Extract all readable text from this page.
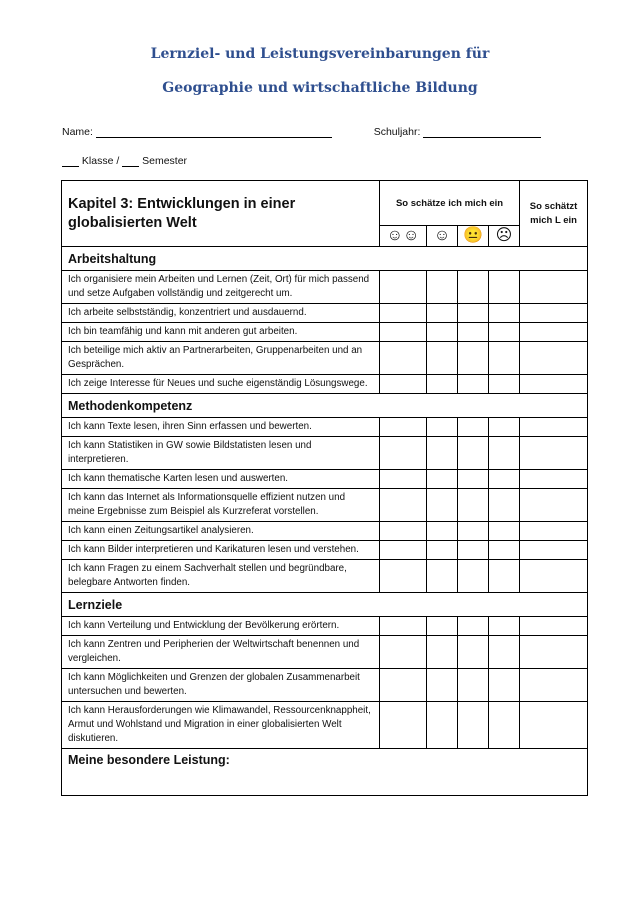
Lernziel- und Leistungsvereinbarungen für
Geographie und wirtschaftliche Bildung
Name:	Schuljahr:
Klasse / Semester
Kapitel 3: Entwicklungen in einer globalisierten Welt	So schätze ich mich ein				So schätzt mich L ein
	☺☺	☺	😐	☹	
Arbeitshaltung					
Ich organisiere mein Arbeiten und Lernen (Zeit, Ort) für mich passend und setze Aufgaben vollständig und zeitgerecht um.					
Ich arbeite selbstständig, konzentriert und ausdauernd.					
Ich bin teamfähig und kann mit anderen gut arbeiten.					
Ich beteilige mich aktiv an Partnerarbeiten, Gruppenarbeiten und an Gesprächen.					
Ich zeige Interesse für Neues und suche eigenständig Lösungswege.					
Methodenkompetenz					
Ich kann Texte lesen, ihren Sinn erfassen und bewerten.					
Ich kann Statistiken in GW sowie Bildstatisten lesen und interpretieren.					
Ich kann thematische Karten lesen und auswerten.					
Ich kann das Internet als Informationsquelle effizient nutzen und meine Ergebnisse zum Beispiel als Kurzreferat vorstellen.					
Ich kann einen Zeitungsartikel analysieren.					
Ich kann Bilder interpretieren und Karikaturen lesen und verstehen.					
Ich kann Fragen zu einem Sachverhalt stellen und begründbare, belegbare Antworten finden.					
Lernziele					
Ich kann Verteilung und Entwicklung der Bevölkerung erörtern.					
Ich kann Zentren und Peripherien der Weltwirtschaft benennen und vergleichen.					
Ich kann Möglichkeiten und Grenzen der globalen Zusammenarbeit untersuchen und bewerten.					
Ich kann Herausforderungen wie Klimawandel, Ressourcenknappheit, Armut und Wohlstand und Migration in einer globalisierten Welt diskutieren.					
Meine besondere Leistung:					
